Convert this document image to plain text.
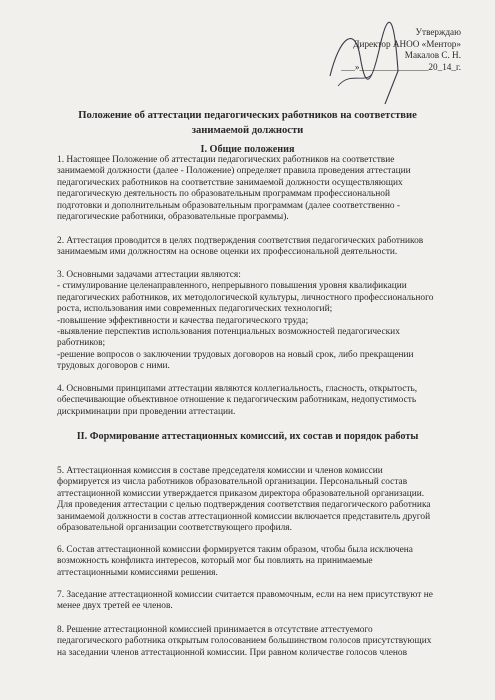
Утверждаю
Директор АНОО «Ментор»
Макалов С. Н.
___»_______________20_14_г.
Положение об аттестации педагогических работников на соответствие
занимаемой должности
I. Общие положения
1. Настоящее Положение об аттестации педагогических работников на соответствие
занимаемой должности (далее - Положение) определяет правила проведения аттестации
педагогических работников на соответствие занимаемой должности осуществляющих
педагогическую деятельность по образовательным программам профессиональной
подготовки и дополнительным образовательным программам (далее соответственно -
педагогические работники, образовательные программы).
2. Аттестация проводится в целях подтверждения соответствия педагогических работников
занимаемым ими должностям на основе оценки их профессиональной деятельности.
3. Основными задачами аттестации являются:
- стимулирование целенаправленного, непрерывного повышения уровня квалификации
педагогических работников, их методологической культуры, личностного профессионального
роста, использования ими современных педагогических технологий;
-повышение эффективности и качества педагогического труда;
-выявление перспектив использования потенциальных возможностей педагогических
работников;
-решение вопросов о заключении трудовых договоров на новый срок, либо прекращении
трудовых договоров с ними.
4. Основными принципами аттестации являются коллегиальность, гласность, открытость,
обеспечивающие объективное отношение к педагогическим работникам, недопустимость
дискриминации при проведении аттестации.
II. Формирование аттестационных комиссий, их состав и порядок работы
5. Аттестационная комиссия в составе председателя комиссии и членов комиссии
формируется из числа работников образовательной организации. Персональный состав
аттестационной комиссии утверждается приказом директора образовательной организации.
Для проведения аттестации с целью подтверждения соответствия педагогического работника
занимаемой должности в состав аттестационной комиссии включается представитель другой
образовательной организации соответствующего профиля.
6. Состав аттестационной комиссии формируется таким образом, чтобы была исключена
возможность конфликта интересов, который мог бы повлиять на принимаемые
аттестационными комиссиями решения.
7. Заседание аттестационной комиссии считается правомочным, если на нем присутствуют не
менее двух третей ее членов.
8. Решение аттестационной комиссией принимается в отсутствие аттестуемого
педагогического работника открытым голосованием большинством голосов присутствующих
на заседании членов аттестационной комиссии. При равном количестве голосов членов
